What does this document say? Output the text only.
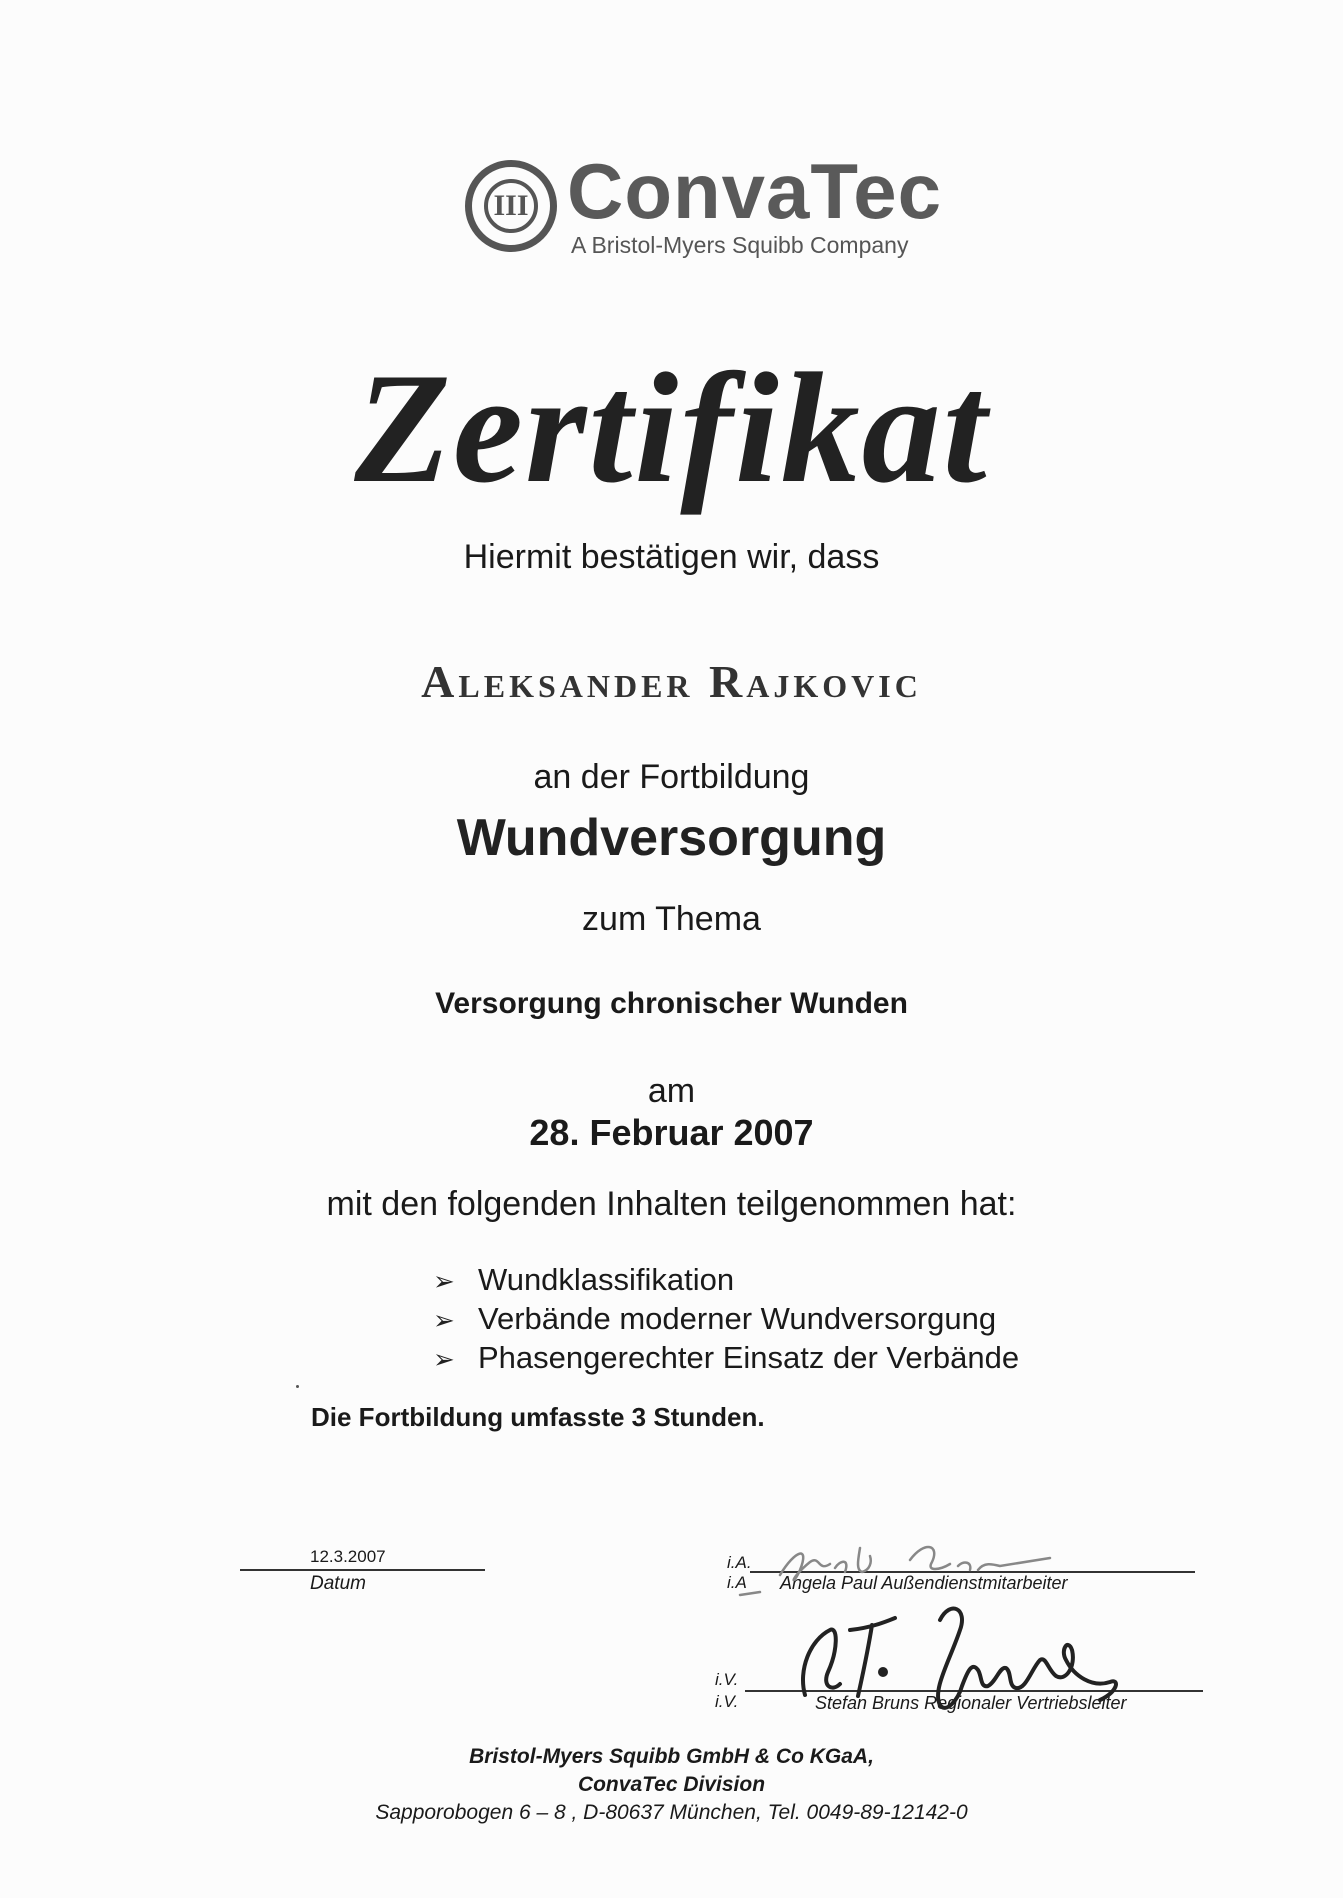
III ConvaTec
A Bristol-Myers Squibb Company
Zertifikat
Hiermit bestätigen wir, dass
Aleksander Rajkovic
an der Fortbildung
Wundversorgung
zum Thema
Versorgung chronischer Wunden
am
28. Februar 2007
mit den folgenden Inhalten teilgenommen hat:
➢ Wundklassifikation
➢ Verbände moderner Wundversorgung
➢ Phasengerechter Einsatz der Verbände
Die Fortbildung umfasste 3 Stunden.
12.3.2007
Datum
i.A.
i.A Angela Paul Außendienstmitarbeiter
i.V.
i.V.	Stefan Bruns Regionaler Vertriebsleiter
Bristol-Myers Squibb GmbH & Co KGaA,
ConvaTec Division
Sapporobogen 6 – 8 , D-80637 München, Tel. 0049-89-12142-0
